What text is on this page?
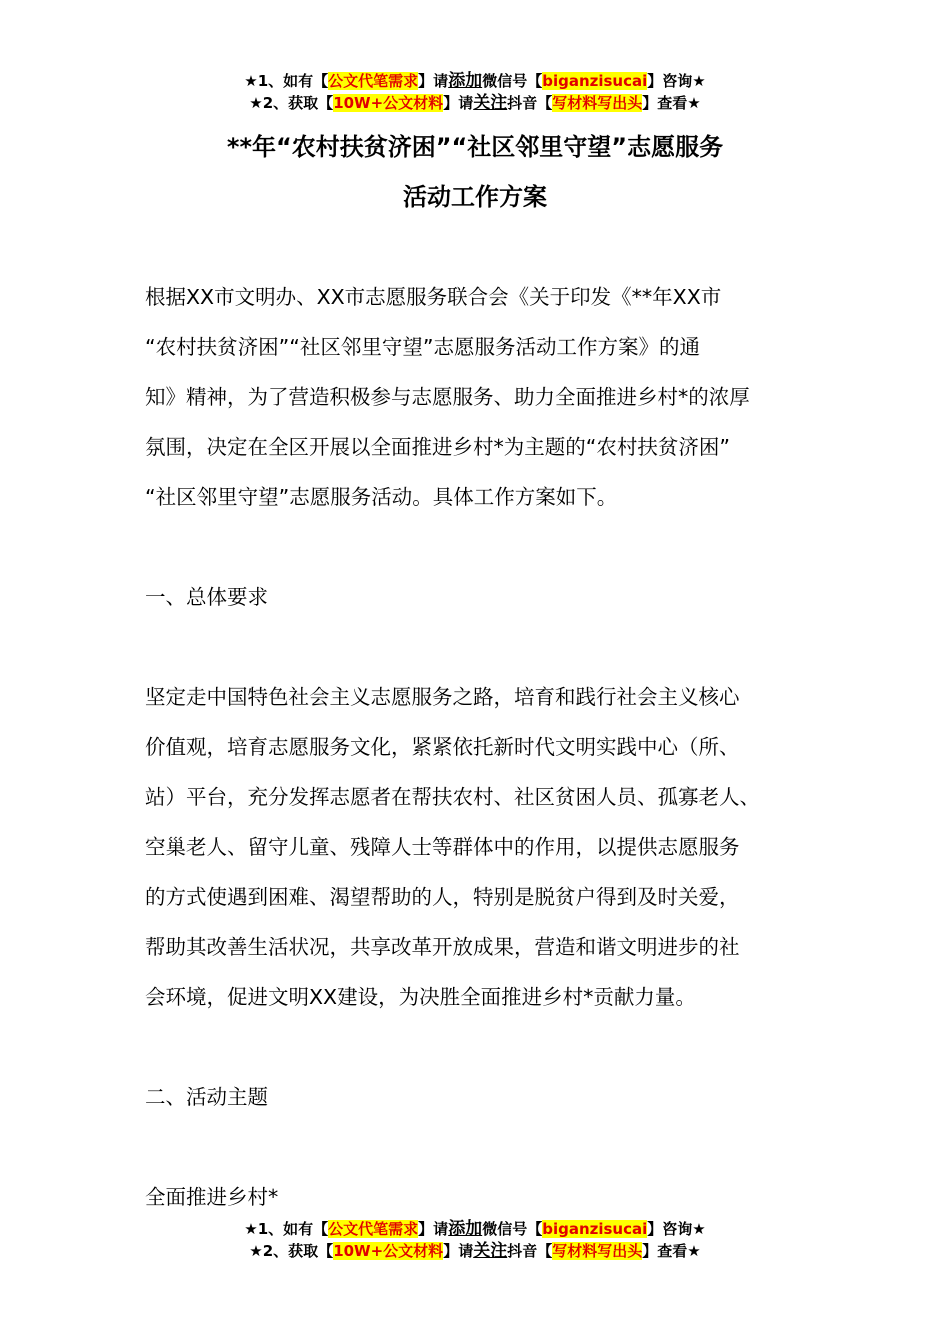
★1、如有【公文代笔需求】请添加微信号【biganzisucai】咨询★
★2、获取【10W+公文材料】请关注抖音【写材料写出头】查看★
**年“农村扶贫济困”“社区邻里守望”志愿服务
活动工作方案

根据XX市文明办、XX市志愿服务联合会《关于印发《**年XX市

“农村扶贫济困”“社区邻里守望”志愿服务活动工作方案》的通

知》精神，为了营造积极参与志愿服务、助力全面推进乡村*的浓厚

氛围，决定在全区开展以全面推进乡村*为主题的“农村扶贫济困”

“社区邻里守望”志愿服务活动。具体工作方案如下。

一、总体要求

坚定走中国特色社会主义志愿服务之路，培育和践行社会主义核心

价值观，培育志愿服务文化，紧紧依托新时代文明实践中心（所、

站）平台，充分发挥志愿者在帮扶农村、社区贫困人员、孤寡老人、

空巢老人、留守儿童、残障人士等群体中的作用，以提供志愿服务

的方式使遇到困难、渴望帮助的人，特别是脱贫户得到及时关爱，

帮助其改善生活状况，共享改革开放成果，营造和谐文明进步的社

会环境，促进文明XX建设，为决胜全面推进乡村*贡献力量。

二、活动主题

全面推进乡村*

★1、如有【公文代笔需求】请添加微信号【biganzisucai】咨询★
★2、获取【10W+公文材料】请关注抖音【写材料写出头】查看★
